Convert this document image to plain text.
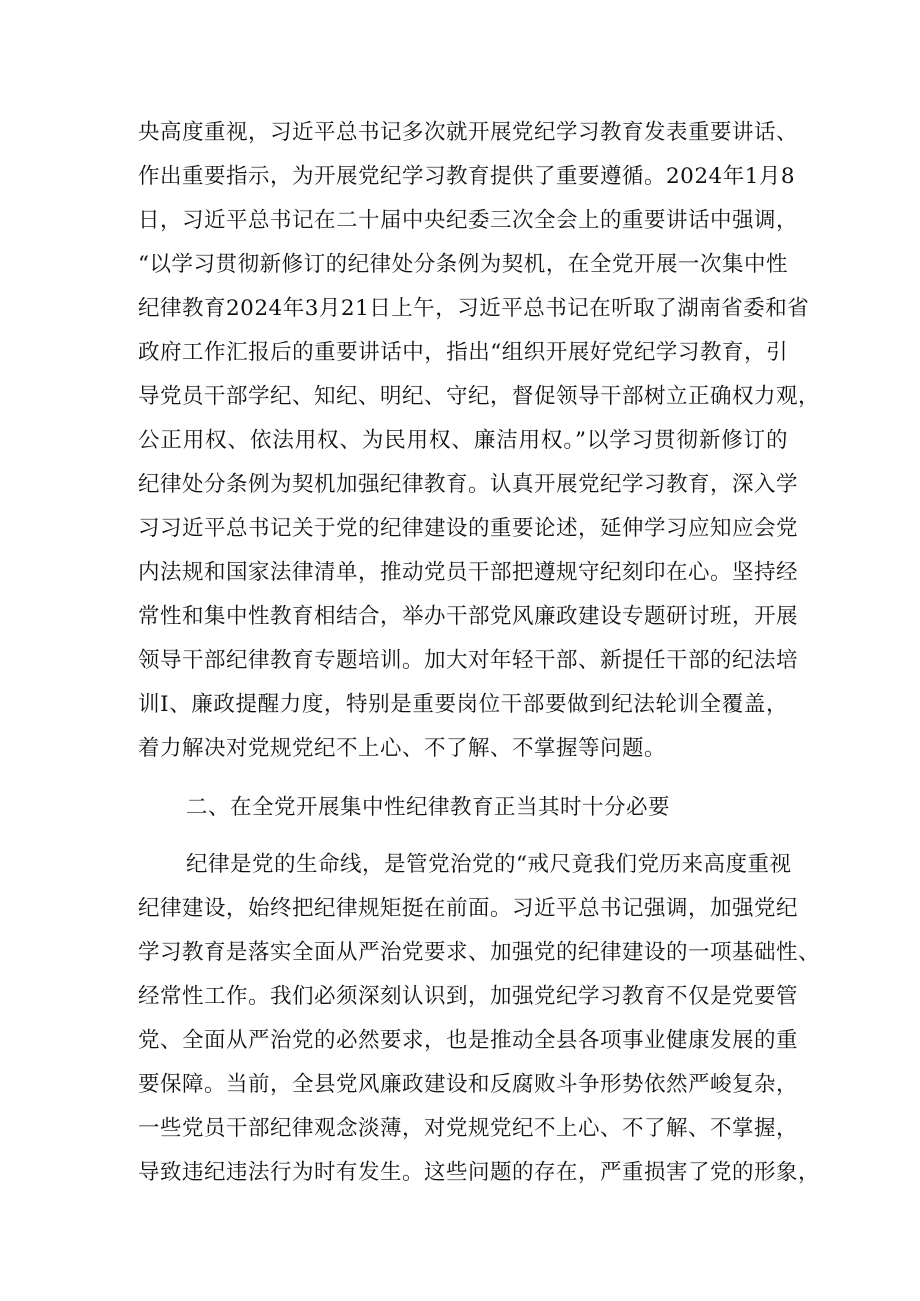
央高度重视，习近平总书记多次就开展党纪学习教育发表重要讲话、
作出重要指示，为开展党纪学习教育提供了重要遵循。2024年1月8
日，习近平总书记在二十届中央纪委三次全会上的重要讲话中强调，
“以学习贯彻新修订的纪律处分条例为契机，在全党开展一次集中性
纪律教育2024年3月21日上午，习近平总书记在听取了湖南省委和省
政府工作汇报后的重要讲话中，指出“组织开展好党纪学习教育，引
导党员干部学纪、知纪、明纪、守纪，督促领导干部树立正确权力观，
公正用权、依法用权、为民用权、廉洁用权。”以学习贯彻新修订的
纪律处分条例为契机加强纪律教育。认真开展党纪学习教育，深入学
习习近平总书记关于党的纪律建设的重要论述，延伸学习应知应会党
内法规和国家法律清单，推动党员干部把遵规守纪刻印在心。坚持经
常性和集中性教育相结合，举办干部党风廉政建设专题研讨班，开展
领导干部纪律教育专题培训。加大对年轻干部、新提任干部的纪法培
训I、廉政提醒力度，特别是重要岗位干部要做到纪法轮训全覆盖，
着力解决对党规党纪不上心、不了解、不掌握等问题。
二、在全党开展集中性纪律教育正当其时十分必要
纪律是党的生命线，是管党治党的“戒尺竟我们党历来高度重视
纪律建设，始终把纪律规矩挺在前面。习近平总书记强调，加强党纪
学习教育是落实全面从严治党要求、加强党的纪律建设的一项基础性、
经常性工作。我们必须深刻认识到，加强党纪学习教育不仅是党要管
党、全面从严治党的必然要求，也是推动全县各项事业健康发展的重
要保障。当前，全县党风廉政建设和反腐败斗争形势依然严峻复杂，
一些党员干部纪律观念淡薄，对党规党纪不上心、不了解、不掌握，
导致违纪违法行为时有发生。这些问题的存在，严重损害了党的形象，
